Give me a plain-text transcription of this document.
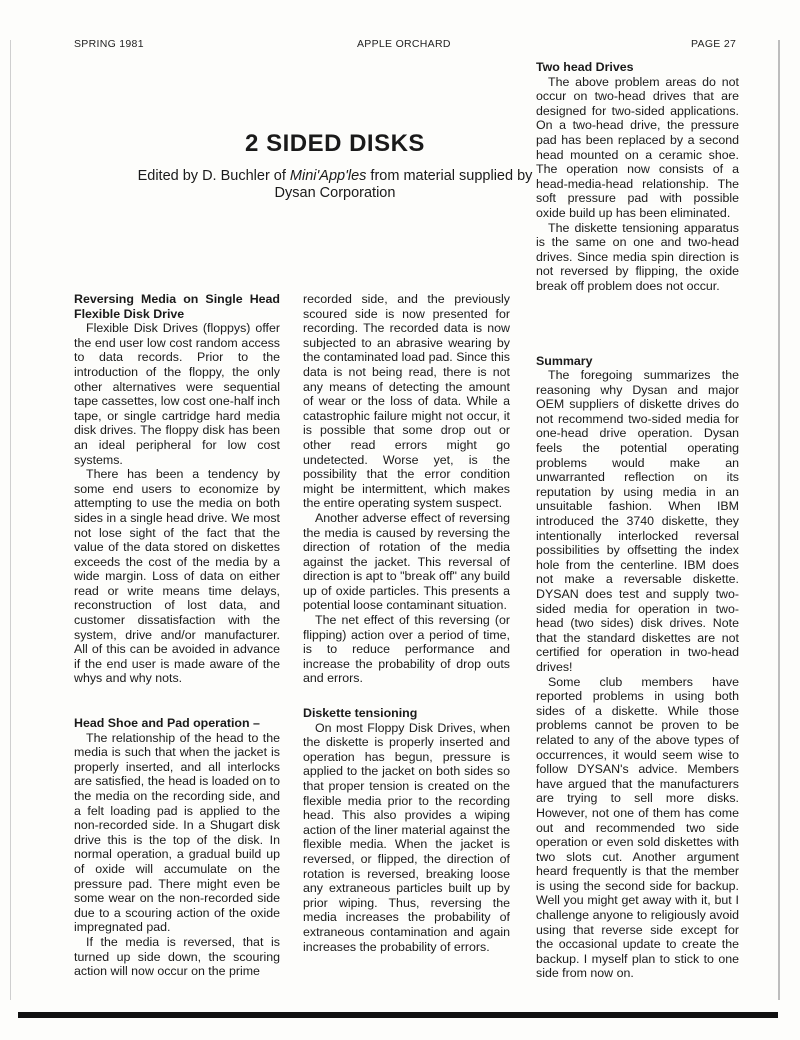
SPRING 1981	APPLE ORCHARD	PAGE 27
2 SIDED DISKS

Edited by D. Buchler of Mini'App'les from material supplied by Dysan Corporation

Reversing Media on Single Head Flexible Disk Drive

Flexible Disk Drives (floppys) offer the end user low cost random access to data records. Prior to the introduction of the floppy, the only other alternatives were sequential tape cassettes, low cost one-half inch tape, or single cartridge hard media disk drives. The floppy disk has been an ideal peripheral for low cost systems.

There has been a tendency by some end users to economize by attempting to use the media on both sides in a single head drive. We most not lose sight of the fact that the value of the data stored on diskettes exceeds the cost of the media by a wide margin. Loss of data on either read or write means time delays, reconstruction of lost data, and customer dissatisfaction with the system, drive and/or manufacturer. All of this can be avoided in advance if the end user is made aware of the whys and why nots.

Head Shoe and Pad operation –

The relationship of the head to the media is such that when the jacket is properly inserted, and all interlocks are satisfied, the head is loaded on to the media on the recording side, and a felt loading pad is applied to the non-recorded side. In a Shugart disk drive this is the top of the disk. In normal operation, a gradual build up of oxide will accumulate on the pressure pad. There might even be some wear on the non-recorded side due to a scouring action of the oxide impregnated pad.

If the media is reversed, that is turned up side down, the scouring action will now occur on the prime

recorded side, and the previously scoured side is now presented for recording. The recorded data is now subjected to an abrasive wearing by the contaminated load pad. Since this data is not being read, there is not any means of detecting the amount of wear or the loss of data. While a catastrophic failure might not occur, it is possible that some drop out or other read errors might go undetected. Worse yet, is the possibility that the error condition might be intermittent, which makes the entire operating system suspect.

Another adverse effect of reversing the media is caused by reversing the direction of rotation of the media against the jacket. This reversal of direction is apt to "break off" any build up of oxide particles. This presents a potential loose contaminant situation.

The net effect of this reversing (or flipping) action over a period of time, is to reduce performance and increase the probability of drop outs and errors.

Diskette tensioning

On most Floppy Disk Drives, when the diskette is properly inserted and operation has begun, pressure is applied to the jacket on both sides so that proper tension is created on the flexible media prior to the recording head. This also provides a wiping action of the liner material against the flexible media. When the jacket is reversed, or flipped, the direction of rotation is reversed, breaking loose any extraneous particles built up by prior wiping. Thus, reversing the media increases the probability of extraneous contamination and again increases the probability of errors.

Two head Drives

The above problem areas do not occur on two-head drives that are designed for two-sided applications. On a two-head drive, the pressure pad has been replaced by a second head mounted on a ceramic shoe. The operation now consists of a head-media-head relationship. The soft pressure pad with possible oxide build up has been eliminated.

The diskette tensioning apparatus is the same on one and two-head drives. Since media spin direction is not reversed by flipping, the oxide break off problem does not occur.

Summary

The foregoing summarizes the reasoning why Dysan and major OEM suppliers of diskette drives do not recommend two-sided media for one-head drive operation. Dysan feels the potential operating problems would make an unwarranted reflection on its reputation by using media in an unsuitable fashion. When IBM introduced the 3740 diskette, they intentionally interlocked reversal possibilities by offsetting the index hole from the centerline. IBM does not make a reversable diskette. DYSAN does test and supply two-sided media for operation in two-head (two sides) disk drives. Note that the standard diskettes are not certified for operation in two-head drives!

Some club members have reported problems in using both sides of a diskette. While those problems cannot be proven to be related to any of the above types of occurrences, it would seem wise to follow DYSAN's advice. Members have argued that the manufacturers are trying to sell more disks. However, not one of them has come out and recommended two side operation or even sold diskettes with two slots cut. Another argument heard frequently is that the member is using the second side for backup. Well you might get away with it, but I challenge anyone to religiously avoid using that reverse side except for the occasional update to create the backup. I myself plan to stick to one side from now on.
